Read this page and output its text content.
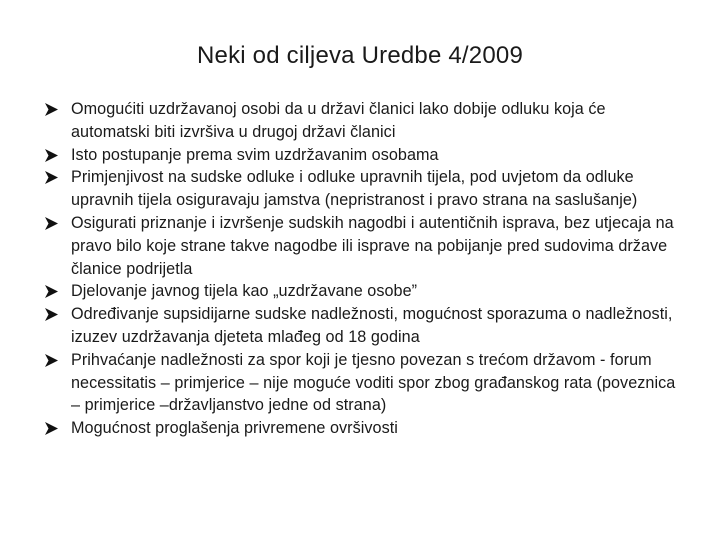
Neki od ciljeva Uredbe 4/2009
Omogućiti uzdržavanoj osobi da u državi članici lako dobije odluku koja će automatski biti izvršiva u drugoj državi članici
Isto postupanje prema svim uzdržavanim osobama
Primjenjivost na sudske odluke i odluke upravnih tijela, pod uvjetom da odluke upravnih tijela osiguravaju jamstva (nepristranost i pravo strana na saslušanje)
Osigurati priznanje i izvršenje sudskih nagodbi i autentičnih isprava, bez utjecaja na pravo bilo koje strane takve nagodbe ili isprave na pobijanje pred sudovima države članice podrijetla
Djelovanje javnog tijela kao „uzdržavane osobe”
Određivanje supsidijarne sudske nadležnosti, mogućnost sporazuma o nadležnosti, izuzev uzdržavanja djeteta mlađeg od 18 godina
Prihvaćanje nadležnosti za spor koji je tjesno povezan s trećom državom - forum necessitatis – primjerice – nije moguće voditi spor zbog građanskog rata (poveznica – primjerice –državljanstvo jedne od strana)
Mogućnost proglašenja privremene ovršivosti
